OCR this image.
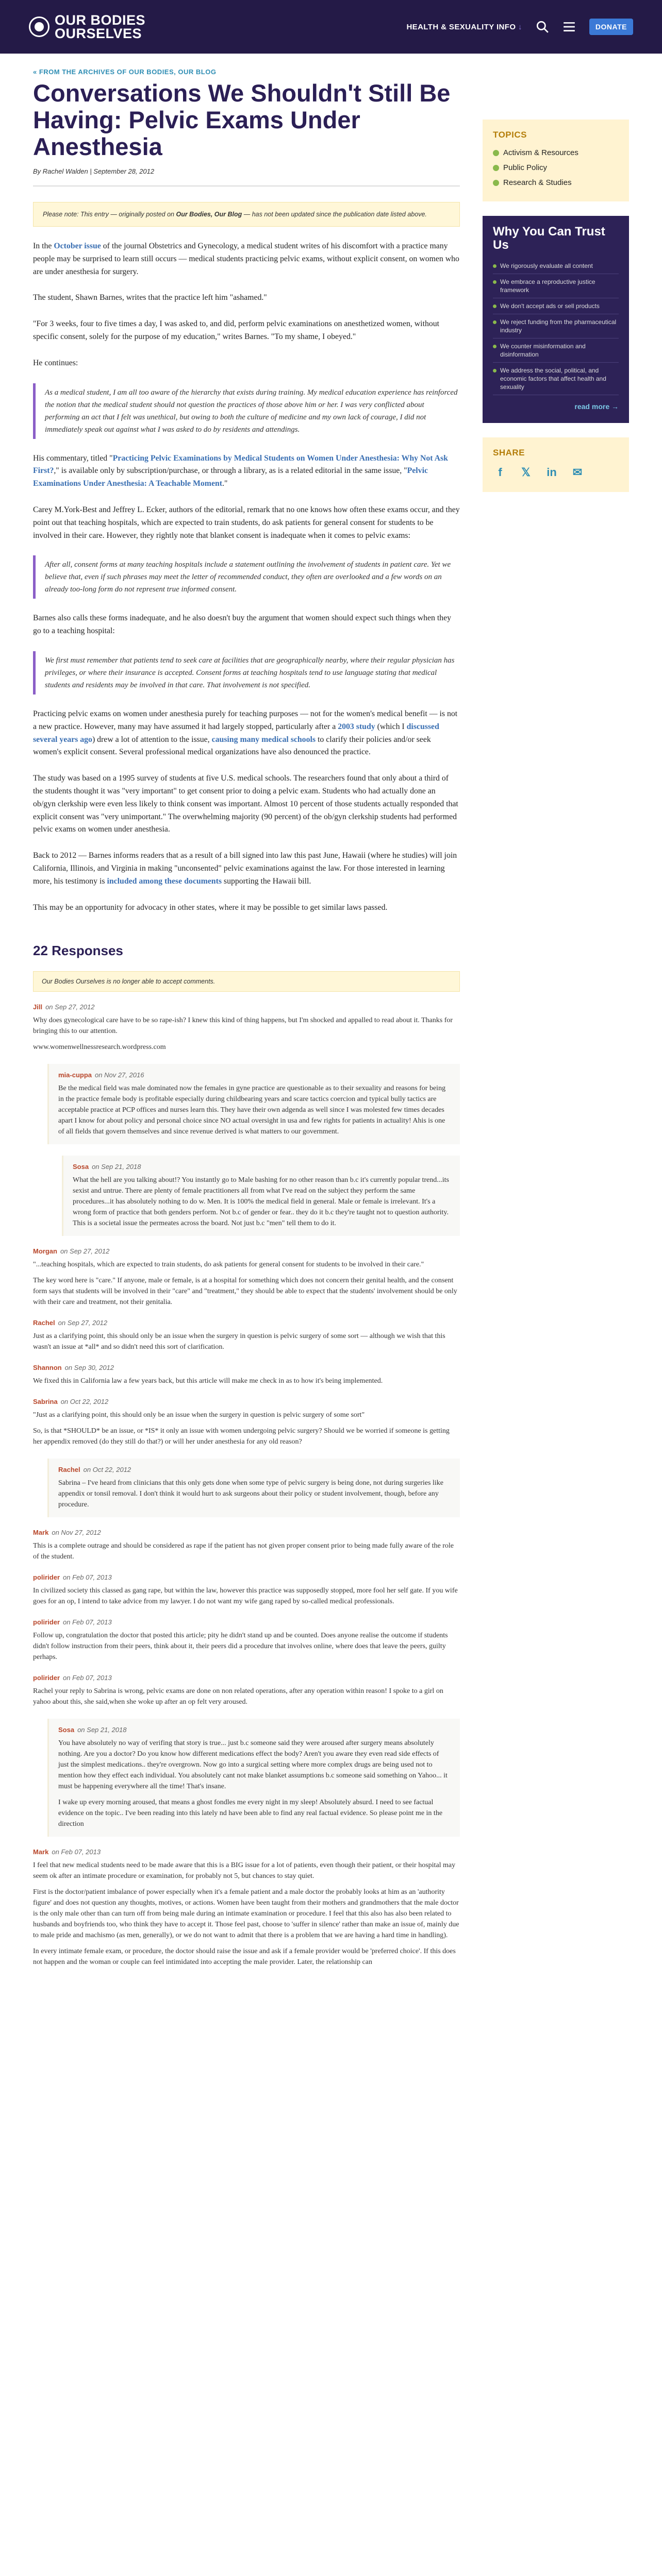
OUR BODIES
OURSELVES	HEALTH & SEXUALITY INFO ↓	DONATE
« FROM THE ARCHIVES OF OUR BODIES, OUR BLOG
Conversations We Shouldn't Still Be Having: Pelvic Exams Under Anesthesia
By Rachel Walden | September 28, 2012
Please note: This entry — originally posted on Our Bodies, Our Blog — has not been updated since the publication date listed above.
In the October issue of the journal Obstetrics and Gynecology, a medical student writes of his discomfort with a practice many people may be surprised to learn still occurs — medical students practicing pelvic exams, without explicit consent, on women who are under anesthesia for surgery.
The student, Shawn Barnes, writes that the practice left him "ashamed."
"For 3 weeks, four to five times a day, I was asked to, and did, perform pelvic examinations on anesthetized women, without specific consent, solely for the purpose of my education," writes Barnes. "To my shame, I obeyed."
He continues:
As a medical student, I am all too aware of the hierarchy that exists during training. My medical education experience has reinforced the notion that the medical student should not question the practices of those above him or her. I was very conflicted about performing an act that I felt was unethical, but owing to both the culture of medicine and my own lack of courage, I did not immediately speak out against what I was asked to do by residents and attendings.
His commentary, titled "Practicing Pelvic Examinations by Medical Students on Women Under Anesthesia: Why Not Ask First?," is available only by subscription/purchase, or through a library, as is a related editorial in the same issue, "Pelvic Examinations Under Anesthesia: A Teachable Moment."
Carey M.York-Best and Jeffrey L. Ecker, authors of the editorial, remark that no one knows how often these exams occur, and they point out that teaching hospitals, which are expected to train students, do ask patients for general consent for students to be involved in their care. However, they rightly note that blanket consent is inadequate when it comes to pelvic exams:
After all, consent forms at many teaching hospitals include a statement outlining the involvement of students in patient care. Yet we believe that, even if such phrases may meet the letter of recommended conduct, they often are overlooked and a few words on an already too-long form do not represent true informed consent.
Barnes also calls these forms inadequate, and he also doesn't buy the argument that women should expect such things when they go to a teaching hospital:
We first must remember that patients tend to seek care at facilities that are geographically nearby, where their regular physician has privileges, or where their insurance is accepted. Consent forms at teaching hospitals tend to use language stating that medical students and residents may be involved in that care. That involvement is not specified.
Practicing pelvic exams on women under anesthesia purely for teaching purposes — not for the women's medical benefit — is not a new practice. However, many may have assumed it had largely stopped, particularly after a 2003 study (which I discussed several years ago) drew a lot of attention to the issue, causing many medical schools to clarify their policies and/or seek women's explicit consent. Several professional medical organizations have also denounced the practice.
The study was based on a 1995 survey of students at five U.S. medical schools. The researchers found that only about a third of the students thought it was "very important" to get consent prior to doing a pelvic exam. Students who had actually done an ob/gyn clerkship were even less likely to think consent was important. Almost 10 percent of those students actually responded that explicit consent was "very unimportant." The overwhelming majority (90 percent) of the ob/gyn clerkship students had performed pelvic exams on women under anesthesia.
Back to 2012 — Barnes informs readers that as a result of a bill signed into law this past June, Hawaii (where he studies) will join California, Illinois, and Virginia in making "unconsented" pelvic examinations against the law. For those interested in learning more, his testimony is included among these documents supporting the Hawaii bill.
This may be an opportunity for advocacy in other states, where it may be possible to get similar laws passed.
22 Responses
Our Bodies Ourselves is no longer able to accept comments.
Jill on Sep 27, 2012

Why does gynecological care have to be so rape-ish? I knew this kind of thing happens, but I'm shocked and appalled to read about it. Thanks for bringing this to our attention.

www.womenwellnessresearch.wordpress.com

mia-cuppa on Nov 27, 2016

Be the medical field was male dominated now the females in gyne practice are questionable as to their sexuality and reasons for being in the practice female body is profitable especially during childbearing years and scare tactics coercion and typical bully tactics are acceptable practice at PCP offices and nurses learn this. They have their own adgenda as well since I was molested few times decades apart I know for about policy and personal choice since NO actual oversight in usa and few rights for patients in actuality! Ahis is one of all fields that govern themselves and since revenue derived is what matters to our government.

Sosa on Sep 21, 2018

What the hell are you talking about!? You instantly go to Male bashing for no other reason than b.c it's currently popular trend...its sexist and untrue. There are plenty of female practitioners all from what I've read on the subject they perform the same procedures...it has absolutely nothing to do w. Men. It is 100% the medical field in general. Male or female is irrelevant. It's a wrong form of practice that both genders perform. Not b.c of gender or fear.. they do it b.c they're taught not to question authority. This is a societal issue the permeates across the board. Not just b.c "men" tell them to do it.

Morgan on Sep 27, 2012

"...teaching hospitals, which are expected to train students, do ask patients for general consent for students to be involved in their care."

The key word here is "care." If anyone, male or female, is at a hospital for something which does not concern their genital health, and the consent form says that students will be involved in their "care" and "treatment," they should be able to expect that the students' involvement should be only with their care and treatment, not their genitalia.

Rachel on Sep 27, 2012

Just as a clarifying point, this should only be an issue when the surgery in question is pelvic surgery of some sort — although we wish that this wasn't an issue at *all* and so didn't need this sort of clarification.

Shannon on Sep 30, 2012

We fixed this in California law a few years back, but this article will make me check in as to how it's being implemented.

Sabrina on Oct 22, 2012

"Just as a clarifying point, this should only be an issue when the surgery in question is pelvic surgery of some sort"

So, is that *SHOULD* be an issue, or *IS* it only an issue with women undergoing pelvic surgery? Should we be worried if someone is getting her appendix removed (do they still do that?) or will her under anesthesia for any old reason?

Rachel on Oct 22, 2012

Sabrina – I've heard from clinicians that this only gets done when some type of pelvic surgery is being done, not during surgeries like appendix or tonsil removal. I don't think it would hurt to ask surgeons about their policy or student involvement, though, before any procedure.

Mark on Nov 27, 2012

This is a complete outrage and should be considered as rape if the patient has not given proper consent prior to being made fully aware of the role of the student.

polirider on Feb 07, 2013

In civilized society this classed as gang rape, but within the law, however this practice was supposedly stopped, more fool her self gate. If you wife goes for an op, I intend to take advice from my lawyer. I do not want my wife gang raped by so-called medical professionals.

polirider on Feb 07, 2013

Follow up, congratulation the doctor that posted this article; pity he didn't stand up and be counted. Does anyone realise the outcome if students didn't follow instruction from their peers, think about it, their peers did a procedure that involves online, where does that leave the peers, guilty perhaps.

polirider on Feb 07, 2013

Rachel your reply to Sabrina is wrong, pelvic exams are done on non related operations, after any operation within reason! I spoke to a girl on yahoo about this, she said,when she woke up after an op felt very aroused.

Sosa on Sep 21, 2018

You have absolutely no way of verifing that story is true... just b.c someone said they were aroused after surgery means absolutely nothing. Are you a doctor? Do you know how different medications effect the body? Aren't you aware they even read side effects of just the simplest medications.. they're overgrown. Now go into a surgical setting where more complex drugs are being used not to mention how they effect each individual. You absolutely cant not make blanket assumptions b.c someone said something on Yahoo... it must be happening everywhere all the time! That's insane.

I wake up every morning aroused, that means a ghost fondles me every night in my sleep! Absolutely absurd. I need to see factual evidence on the topic.. I've been reading into this lately nd have been able to find any real factual evidence. So please point me in the direction

Mark on Feb 07, 2013

I feel that new medical students need to be made aware that this is a BIG issue for a lot of patients, even though their patient, or their hospital may seem ok after an intimate procedure or examination, for probably not 5, but chances to stay quiet.

First is the doctor/patient imbalance of power especially when it's a female patient and a male doctor the probably looks at him as an 'authority figure' and does not question any thoughts, motives, or actions. Women have been taught from their mothers and grandmothers that the male doctor is the only male other than can turn off from being male during an intimate examination or procedure. I feel that this also has also been related to husbands and boyfriends too, who think they have to accept it. Those feel past, choose to 'suffer in silence' rather than make an issue of, mainly due to male pride and machismo (as men, generally), or we do not want to admit that there is a problem that we are having a hard time in handling).

In every intimate female exam, or procedure, the doctor should raise the issue and ask if a female provider would be 'preferred choice'. If this does not happen and the woman or couple can feel intimidated into accepting the male provider. Later, the relationship can

TOPICS
Activism & Resources
Public Policy
Research & Studies
Why You Can Trust Us
We rigorously evaluate all content
We embrace a reproductive justice framework
We don't accept ads or sell products
We reject funding from the pharmaceutical industry
We counter misinformation and disinformation
We address the social, political, and economic factors that affect health and sexuality
read more →
SHARE
f	𝕏 in ✉
